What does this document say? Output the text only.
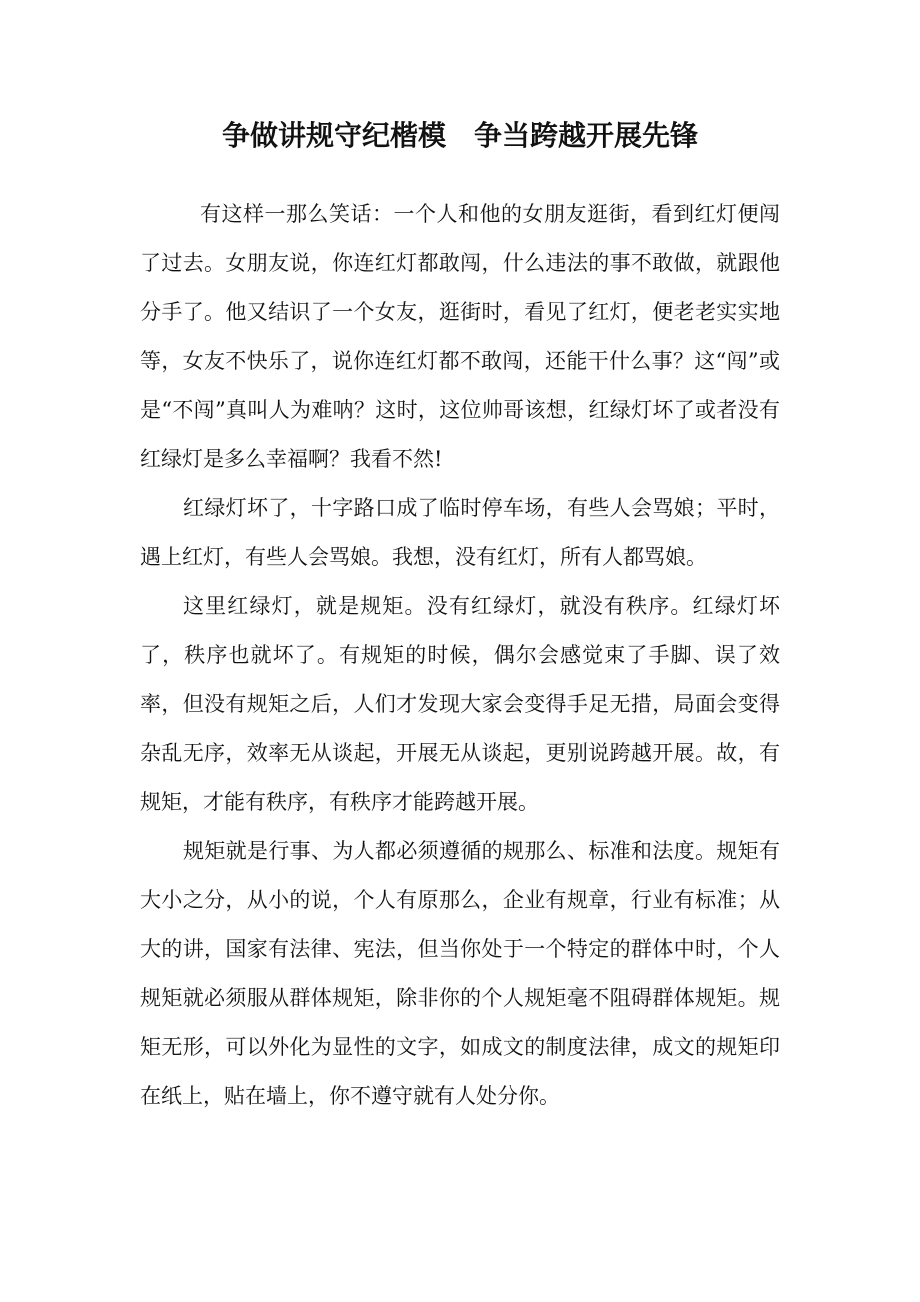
争做讲规守纪楷模　争当跨越开展先锋

有这样一那么笑话：一个人和他的女朋友逛街，看到红灯便闯了过去。女朋友说，你连红灯都敢闯，什么违法的事不敢做，就跟他分手了。他又结识了一个女友，逛街时，看见了红灯，便老老实实地等，女友不快乐了，说你连红灯都不敢闯，还能干什么事？这“闯”或是“不闯”真叫人为难呐？这时，这位帅哥该想，红绿灯坏了或者没有红绿灯是多么幸福啊？我看不然!

红绿灯坏了，十字路口成了临时停车场，有些人会骂娘；平时，遇上红灯，有些人会骂娘。我想，没有红灯，所有人都骂娘。

这里红绿灯，就是规矩。没有红绿灯，就没有秩序。红绿灯坏了，秩序也就坏了。有规矩的时候，偶尔会感觉束了手脚、误了效率，但没有规矩之后，人们才发现大家会变得手足无措，局面会变得杂乱无序，效率无从谈起，开展无从谈起，更别说跨越开展。故，有规矩，才能有秩序，有秩序才能跨越开展。

规矩就是行事、为人都必须遵循的规那么、标准和法度。规矩有大小之分，从小的说，个人有原那么，企业有规章，行业有标准；从大的讲，国家有法律、宪法，但当你处于一个特定的群体中时，个人规矩就必须服从群体规矩，除非你的个人规矩毫不阻碍群体规矩。规矩无形，可以外化为显性的文字，如成文的制度法律，成文的规矩印在纸上，贴在墙上，你不遵守就有人处分你。
